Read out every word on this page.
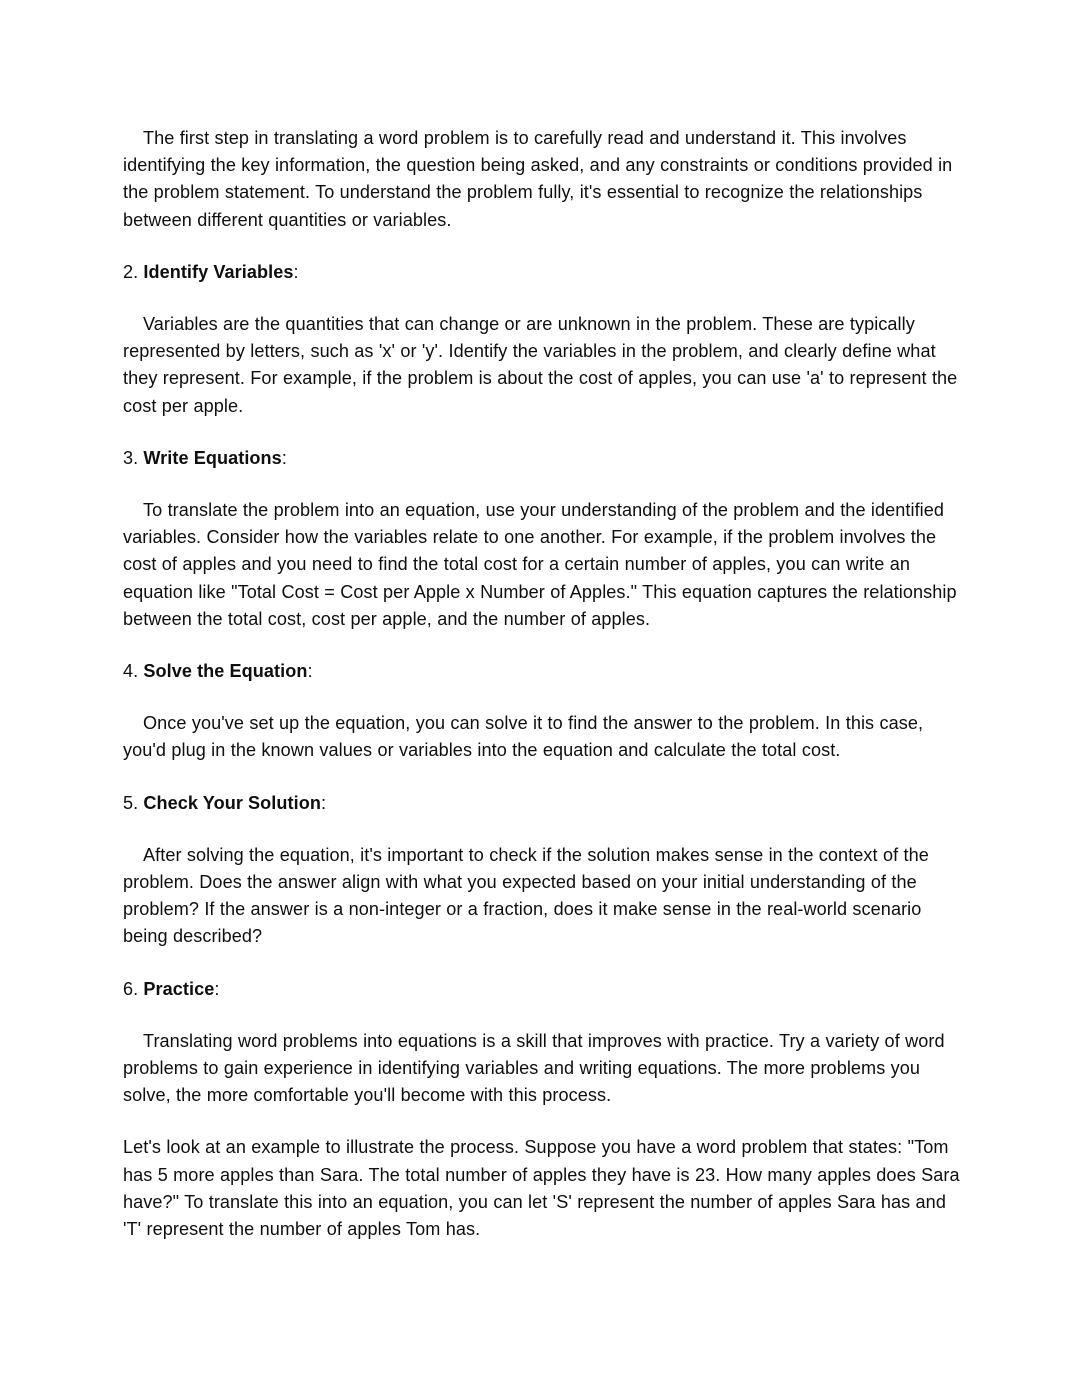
The first step in translating a word problem is to carefully read and understand it. This involves identifying the key information, the question being asked, and any constraints or conditions provided in the problem statement. To understand the problem fully, it's essential to recognize the relationships between different quantities or variables.

2. Identify Variables:

Variables are the quantities that can change or are unknown in the problem. These are typically represented by letters, such as 'x' or 'y'. Identify the variables in the problem, and clearly define what they represent. For example, if the problem is about the cost of apples, you can use 'a' to represent the cost per apple.

3. Write Equations:

To translate the problem into an equation, use your understanding of the problem and the identified variables. Consider how the variables relate to one another. For example, if the problem involves the cost of apples and you need to find the total cost for a certain number of apples, you can write an equation like "Total Cost = Cost per Apple x Number of Apples." This equation captures the relationship between the total cost, cost per apple, and the number of apples.

4. Solve the Equation:

Once you've set up the equation, you can solve it to find the answer to the problem. In this case, you'd plug in the known values or variables into the equation and calculate the total cost.

5. Check Your Solution:

After solving the equation, it's important to check if the solution makes sense in the context of the problem. Does the answer align with what you expected based on your initial understanding of the problem? If the answer is a non-integer or a fraction, does it make sense in the real-world scenario being described?

6. Practice:

Translating word problems into equations is a skill that improves with practice. Try a variety of word problems to gain experience in identifying variables and writing equations. The more problems you solve, the more comfortable you'll become with this process.

Let's look at an example to illustrate the process. Suppose you have a word problem that states: "Tom has 5 more apples than Sara. The total number of apples they have is 23. How many apples does Sara have?" To translate this into an equation, you can let 'S' represent the number of apples Sara has and 'T' represent the number of apples Tom has.
